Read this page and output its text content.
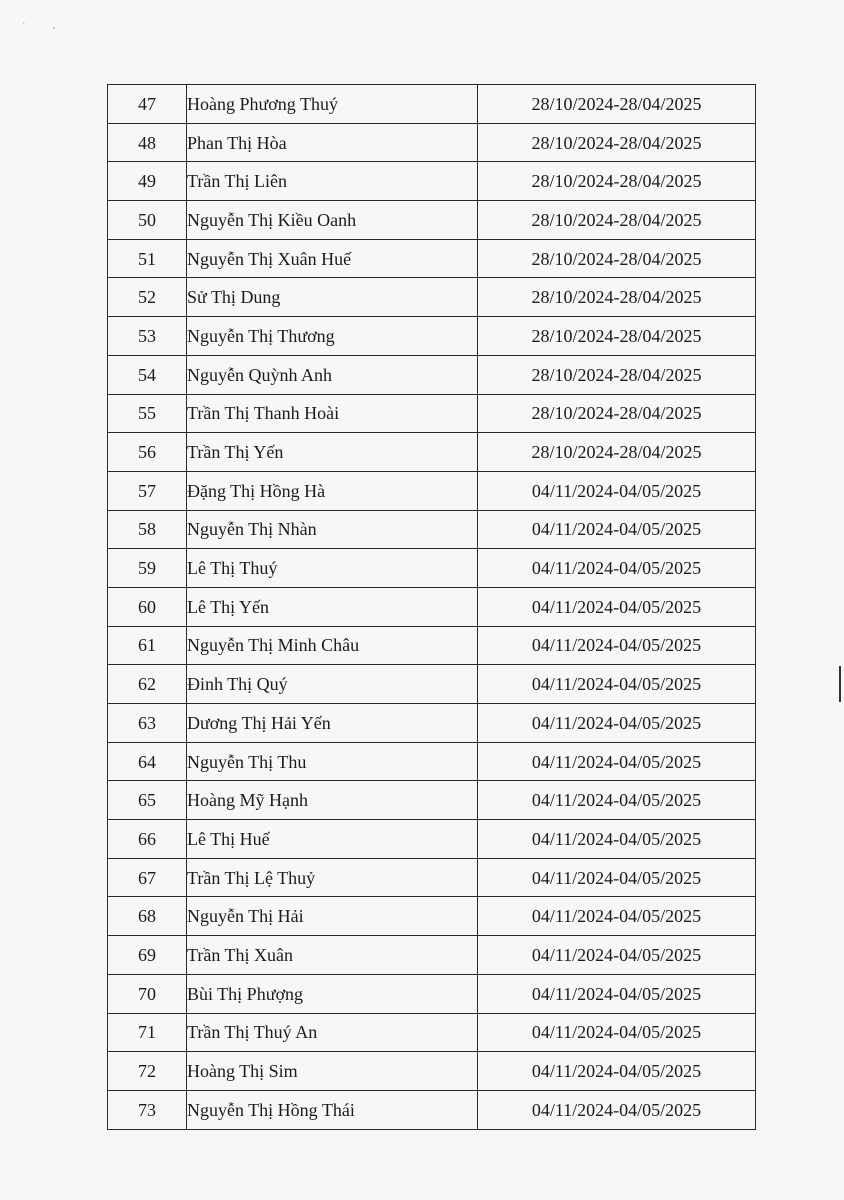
`	'
47	Hoàng Phương Thuý	28/10/2024-28/04/2025
48	Phan Thị Hòa	28/10/2024-28/04/2025
49	Trần Thị Liên	28/10/2024-28/04/2025
50	Nguyễn Thị Kiều Oanh	28/10/2024-28/04/2025
51	Nguyễn Thị Xuân Huế	28/10/2024-28/04/2025
52	Sử Thị Dung	28/10/2024-28/04/2025
53	Nguyễn Thị Thương	28/10/2024-28/04/2025
54	Nguyễn Quỳnh Anh	28/10/2024-28/04/2025
55	Trần Thị Thanh Hoài	28/10/2024-28/04/2025
56	Trần Thị Yến	28/10/2024-28/04/2025
57	Đặng Thị Hồng Hà	04/11/2024-04/05/2025
58	Nguyễn Thị Nhàn	04/11/2024-04/05/2025
59	Lê Thị Thuý	04/11/2024-04/05/2025
60	Lê Thị Yến	04/11/2024-04/05/2025
61	Nguyễn Thị Minh Châu	04/11/2024-04/05/2025
62	Đinh Thị Quý	04/11/2024-04/05/2025
63	Dương Thị Hải Yến	04/11/2024-04/05/2025
64	Nguyễn Thị Thu	04/11/2024-04/05/2025
65	Hoàng Mỹ Hạnh	04/11/2024-04/05/2025
66	Lê Thị Huế	04/11/2024-04/05/2025
67	Trần Thị Lệ Thuỷ	04/11/2024-04/05/2025
68	Nguyễn Thị Hải	04/11/2024-04/05/2025
69	Trần Thị Xuân	04/11/2024-04/05/2025
70	Bùi Thị Phượng	04/11/2024-04/05/2025
71	Trần Thị Thuý An	04/11/2024-04/05/2025
72	Hoàng Thị Sim	04/11/2024-04/05/2025
73	Nguyễn Thị Hồng Thái	04/11/2024-04/05/2025
